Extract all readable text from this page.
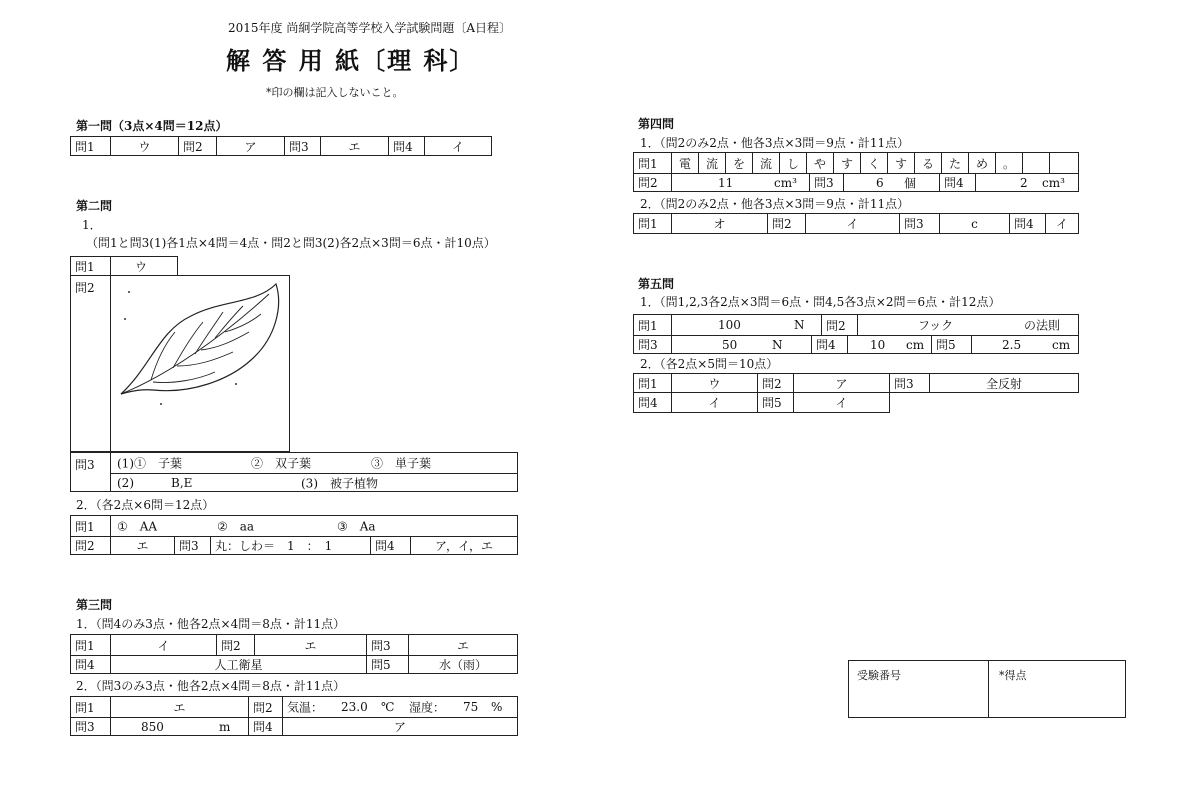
2015年度 尚絅学院高等学校入学試験問題〔A日程〕
解 答 用 紙〔理 科〕
*印の欄は記入しないこと。
第一問（3点×4問＝12点）
問1	ウ	問2	ア	問3	エ	問4	イ
第二問
1．
（問1と問3(1)各1点×4問＝4点・問2と問3(2)各2点×3問＝6点・計10点）
問1	ウ
問2
問3	(1)①　子葉	②　双子葉	③　単子葉
(2)	B,E	(3)　被子植物
2．（各2点×6問＝12点）
問1	①　AA	②　aa	③　Aa
問2	エ	問3	丸：しわ＝　1　：　1	問4	ア，イ，エ
第三問
1．（問4のみ3点・他各2点×4問＝8点・計11点）
問1	イ	問2	エ	問3	エ
問4	人工衛星	問5	水（雨）
2．（問3のみ3点・他各2点×4問＝8点・計11点）
問1	エ	問2	気温： 23.0 ℃ 湿度： 75 %
問3	850	m	問4	ア
第四問
1．（問2のみ2点・他各3点×3問＝9点・計11点）
問1	電	流	を	流	し	や	す	く	す	る	た	め	。
問2	11	cm³	問3	6 個	問4	2 cm³
2．（問2のみ2点・他各3点×3問＝9点・計11点）
問1	オ	問2	イ	問3	c	問4	イ
第五問
1．（問1,2,3各2点×3問＝6点・問4,5各3点×2問＝6点・計12点）
問1	100	N	問2	フック	の法則
問3	50	N	問4	10 cm 問5	2.5	cm
2．（各2点×5問＝10点）
問1	ウ	問2	ア	問3	全反射
問4	イ	問5	イ
受験番号	*得点
